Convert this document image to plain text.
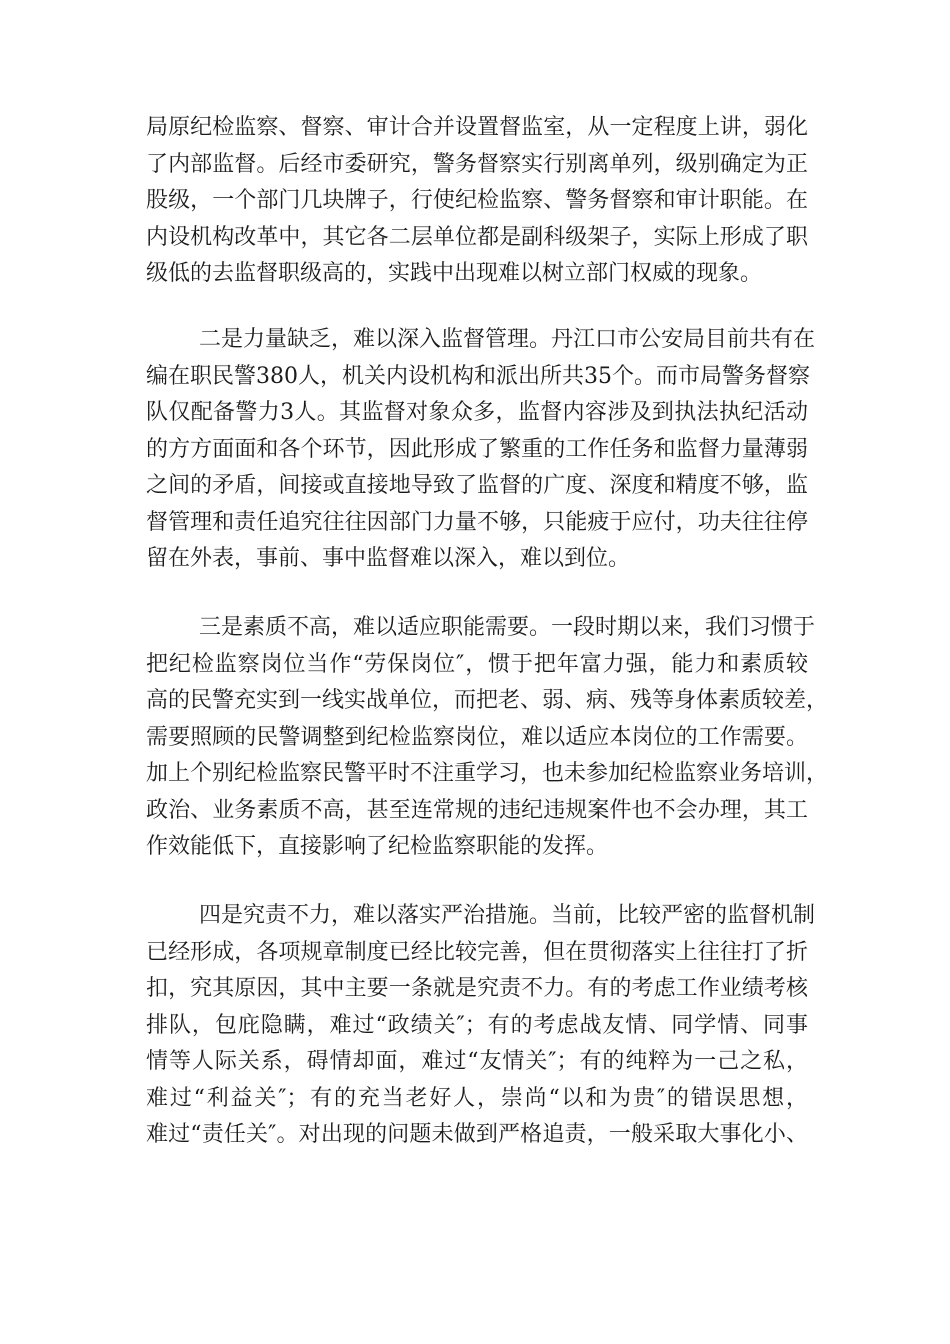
局原纪检监察、督察、审计合并设置督监室，从一定程度上讲，弱化
了内部监督。后经市委研究，警务督察实行别离单列，级别确定为正
股级，一个部门几块牌子，行使纪检监察、警务督察和审计职能。在
内设机构改革中，其它各二层单位都是副科级架子，实际上形成了职
级低的去监督职级高的，实践中出现难以树立部门权威的现象。
二是力量缺乏，难以深入监督管理。丹江口市公安局目前共有在
编在职民警380人，机关内设机构和派出所共35个。而市局警务督察
队仅配备警力3人。其监督对象众多，监督内容涉及到执法执纪活动
的方方面面和各个环节，因此形成了繁重的工作任务和监督力量薄弱
之间的矛盾，间接或直接地导致了监督的广度、深度和精度不够，监
督管理和责任追究往往因部门力量不够，只能疲于应付，功夫往往停
留在外表，事前、事中监督难以深入，难以到位。
三是素质不高，难以适应职能需要。一段时期以来，我们习惯于
把纪检监察岗位当作“劳保岗位″，惯于把年富力强，能力和素质较
高的民警充实到一线实战单位，而把老、弱、病、残等身体素质较差，
需要照顾的民警调整到纪检监察岗位，难以适应本岗位的工作需要。
加上个别纪检监察民警平时不注重学习，也未参加纪检监察业务培训，
政治、业务素质不高，甚至连常规的违纪违规案件也不会办理，其工
作效能低下，直接影响了纪检监察职能的发挥。
四是究责不力，难以落实严治措施。当前，比较严密的监督机制
已经形成，各项规章制度已经比较完善，但在贯彻落实上往往打了折
扣，究其原因，其中主要一条就是究责不力。有的考虑工作业绩考核
排队，包庇隐瞒，难过“政绩关″；有的考虑战友情、同学情、同事
情等人际关系，碍情却面，难过“友情关″；有的纯粹为一己之私，
难过“利益关″；有的充当老好人，崇尚“以和为贵″的错误思想，
难过“责任关″。对出现的问题未做到严格追责，一般采取大事化小、
